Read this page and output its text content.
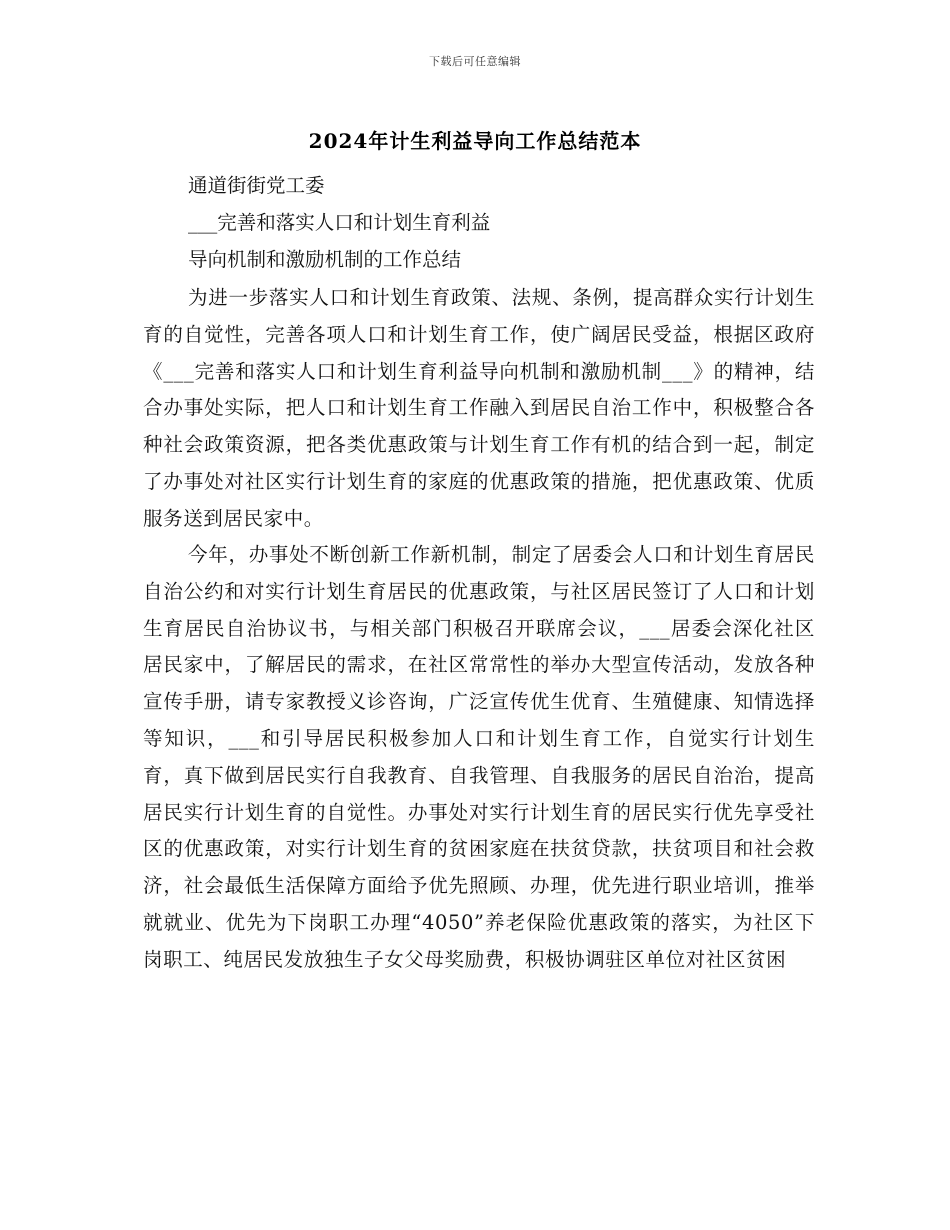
下载后可任意编辑
2024年计生利益导向工作总结范本
通道街街党工委
___完善和落实人口和计划生育利益
导向机制和激励机制的工作总结

为进一步落实人口和计划生育政策、法规、条例，提高群众实行计划生育的自觉性，完善各项人口和计划生育工作，使广阔居民受益，根据区政府《___完善和落实人口和计划生育利益导向机制和激励机制___》的精神，结合办事处实际，把人口和计划生育工作融入到居民自治工作中，积极整合各种社会政策资源，把各类优惠政策与计划生育工作有机的结合到一起，制定了办事处对社区实行计划生育的家庭的优惠政策的措施，把优惠政策、优质服务送到居民家中。

今年，办事处不断创新工作新机制，制定了居委会人口和计划生育居民自治公约和对实行计划生育居民的优惠政策，与社区居民签订了人口和计划生育居民自治协议书，与相关部门积极召开联席会议，___居委会深化社区居民家中，了解居民的需求，在社区常常性的举办大型宣传活动，发放各种宣传手册，请专家教授义诊咨询，广泛宣传优生优育、生殖健康、知情选择等知识，___和引导居民积极参加人口和计划生育工作，自觉实行计划生育，真下做到居民实行自我教育、自我管理、自我服务的居民自治治，提高居民实行计划生育的自觉性。办事处对实行计划生育的居民实行优先享受社区的优惠政策，对实行计划生育的贫困家庭在扶贫贷款，扶贫项目和社会救济，社会最低生活保障方面给予优先照顾、办理，优先进行职业培训，推举就就业、优先为下岗职工办理“4050”养老保险优惠政策的落实，为社区下岗职工、纯居民发放独生子女父母奖励费，积极协调驻区单位对社区贫困
